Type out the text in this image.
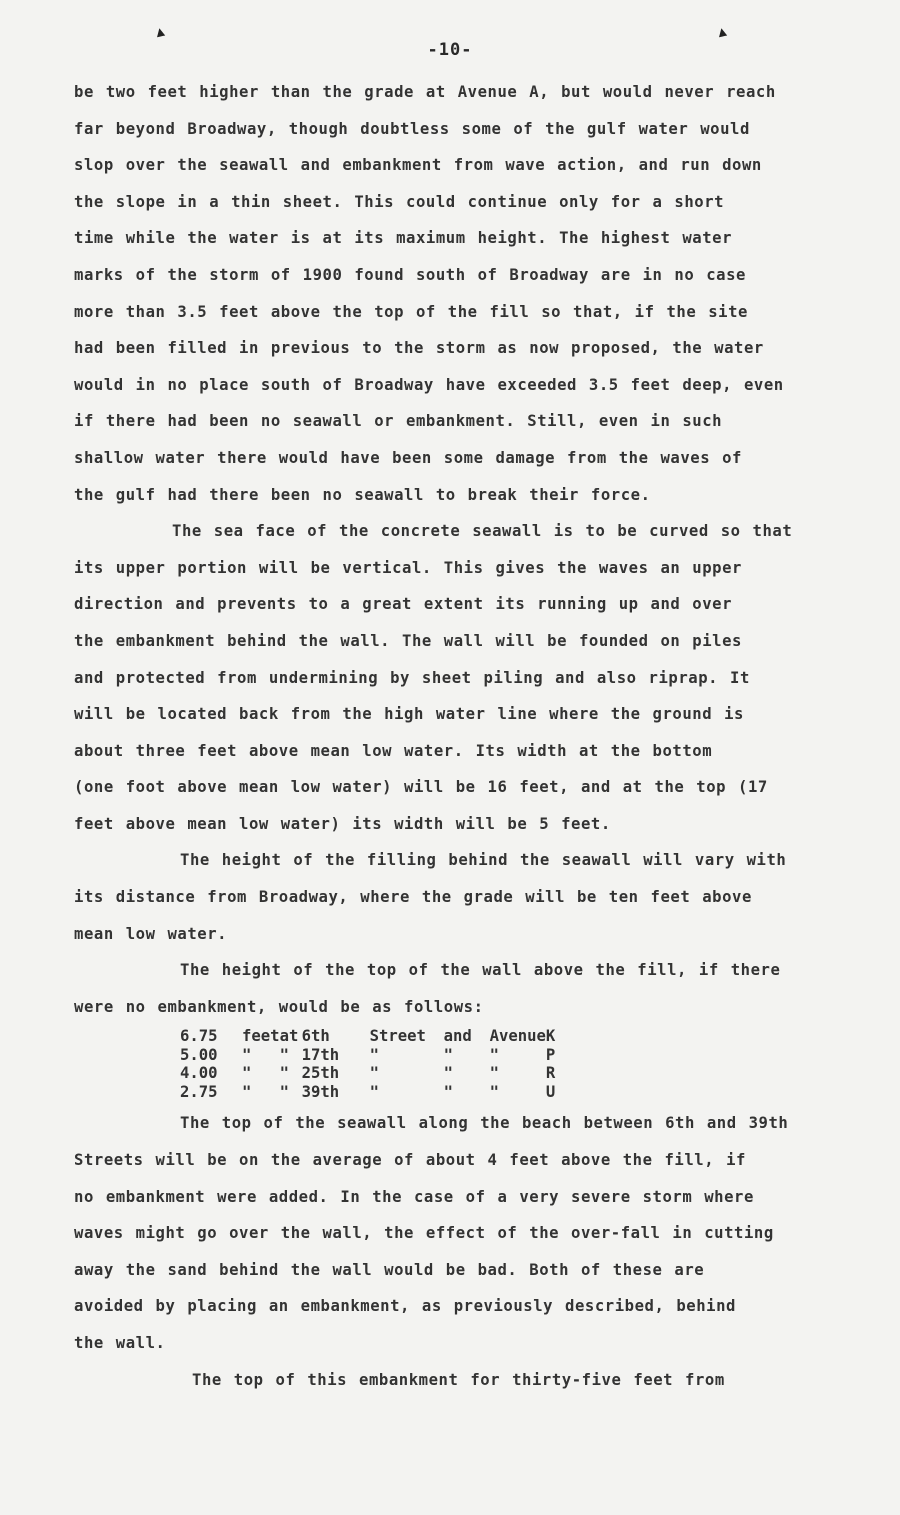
▲	▲
-10-
be two feet higher than the grade at Avenue A, but would never reach
far beyond Broadway, though doubtless some of the gulf water would
slop over the seawall and embankment from wave action, and run down
the slope in a thin sheet. This could continue only for a short
time while the water is at its maximum height. The highest water
marks of the storm of 1900 found south of Broadway are in no case
more than 3.5 feet above the top of the fill so that, if the site
had been filled in previous to the storm as now proposed, the water
would in no place south of Broadway have exceeded 3.5 feet deep, even
if there had been no seawall or embankment. Still, even in such
shallow water there would have been some damage from the waves of
the gulf had there been no seawall to break their force.
The sea face of the concrete seawall is to be curved so that
its upper portion will be vertical. This gives the waves an upper
direction and prevents to a great extent its running up and over
the embankment behind the wall. The wall will be founded on piles
and protected from undermining by sheet piling and also riprap. It
will be located back from the high water line where the ground is
about three feet above mean low water. Its width at the bottom
(one foot above mean low water) will be 16 feet, and at the top (17
feet above mean low water) its width will be 5 feet.
The height of the filling behind the seawall will vary with
its distance from Broadway, where the grade will be ten feet above
mean low water.
The height of the top of the wall above the fill, if there
were no embankment, would be as follows:
6.75	feet	at	6th	Street	and	Avenue	K
5.00	"	"	17th	"	"	"	P
4.00	"	"	25th	"	"	"	R
2.75	"	"	39th	"	"	"	U
The top of the seawall along the beach between 6th and 39th
Streets will be on the average of about 4 feet above the fill, if
no embankment were added. In the case of a very severe storm where
waves might go over the wall, the effect of the over-fall in cutting
away the sand behind the wall would be bad. Both of these are
avoided by placing an embankment, as previously described, behind
the wall.
The top of this embankment for thirty-five feet from
